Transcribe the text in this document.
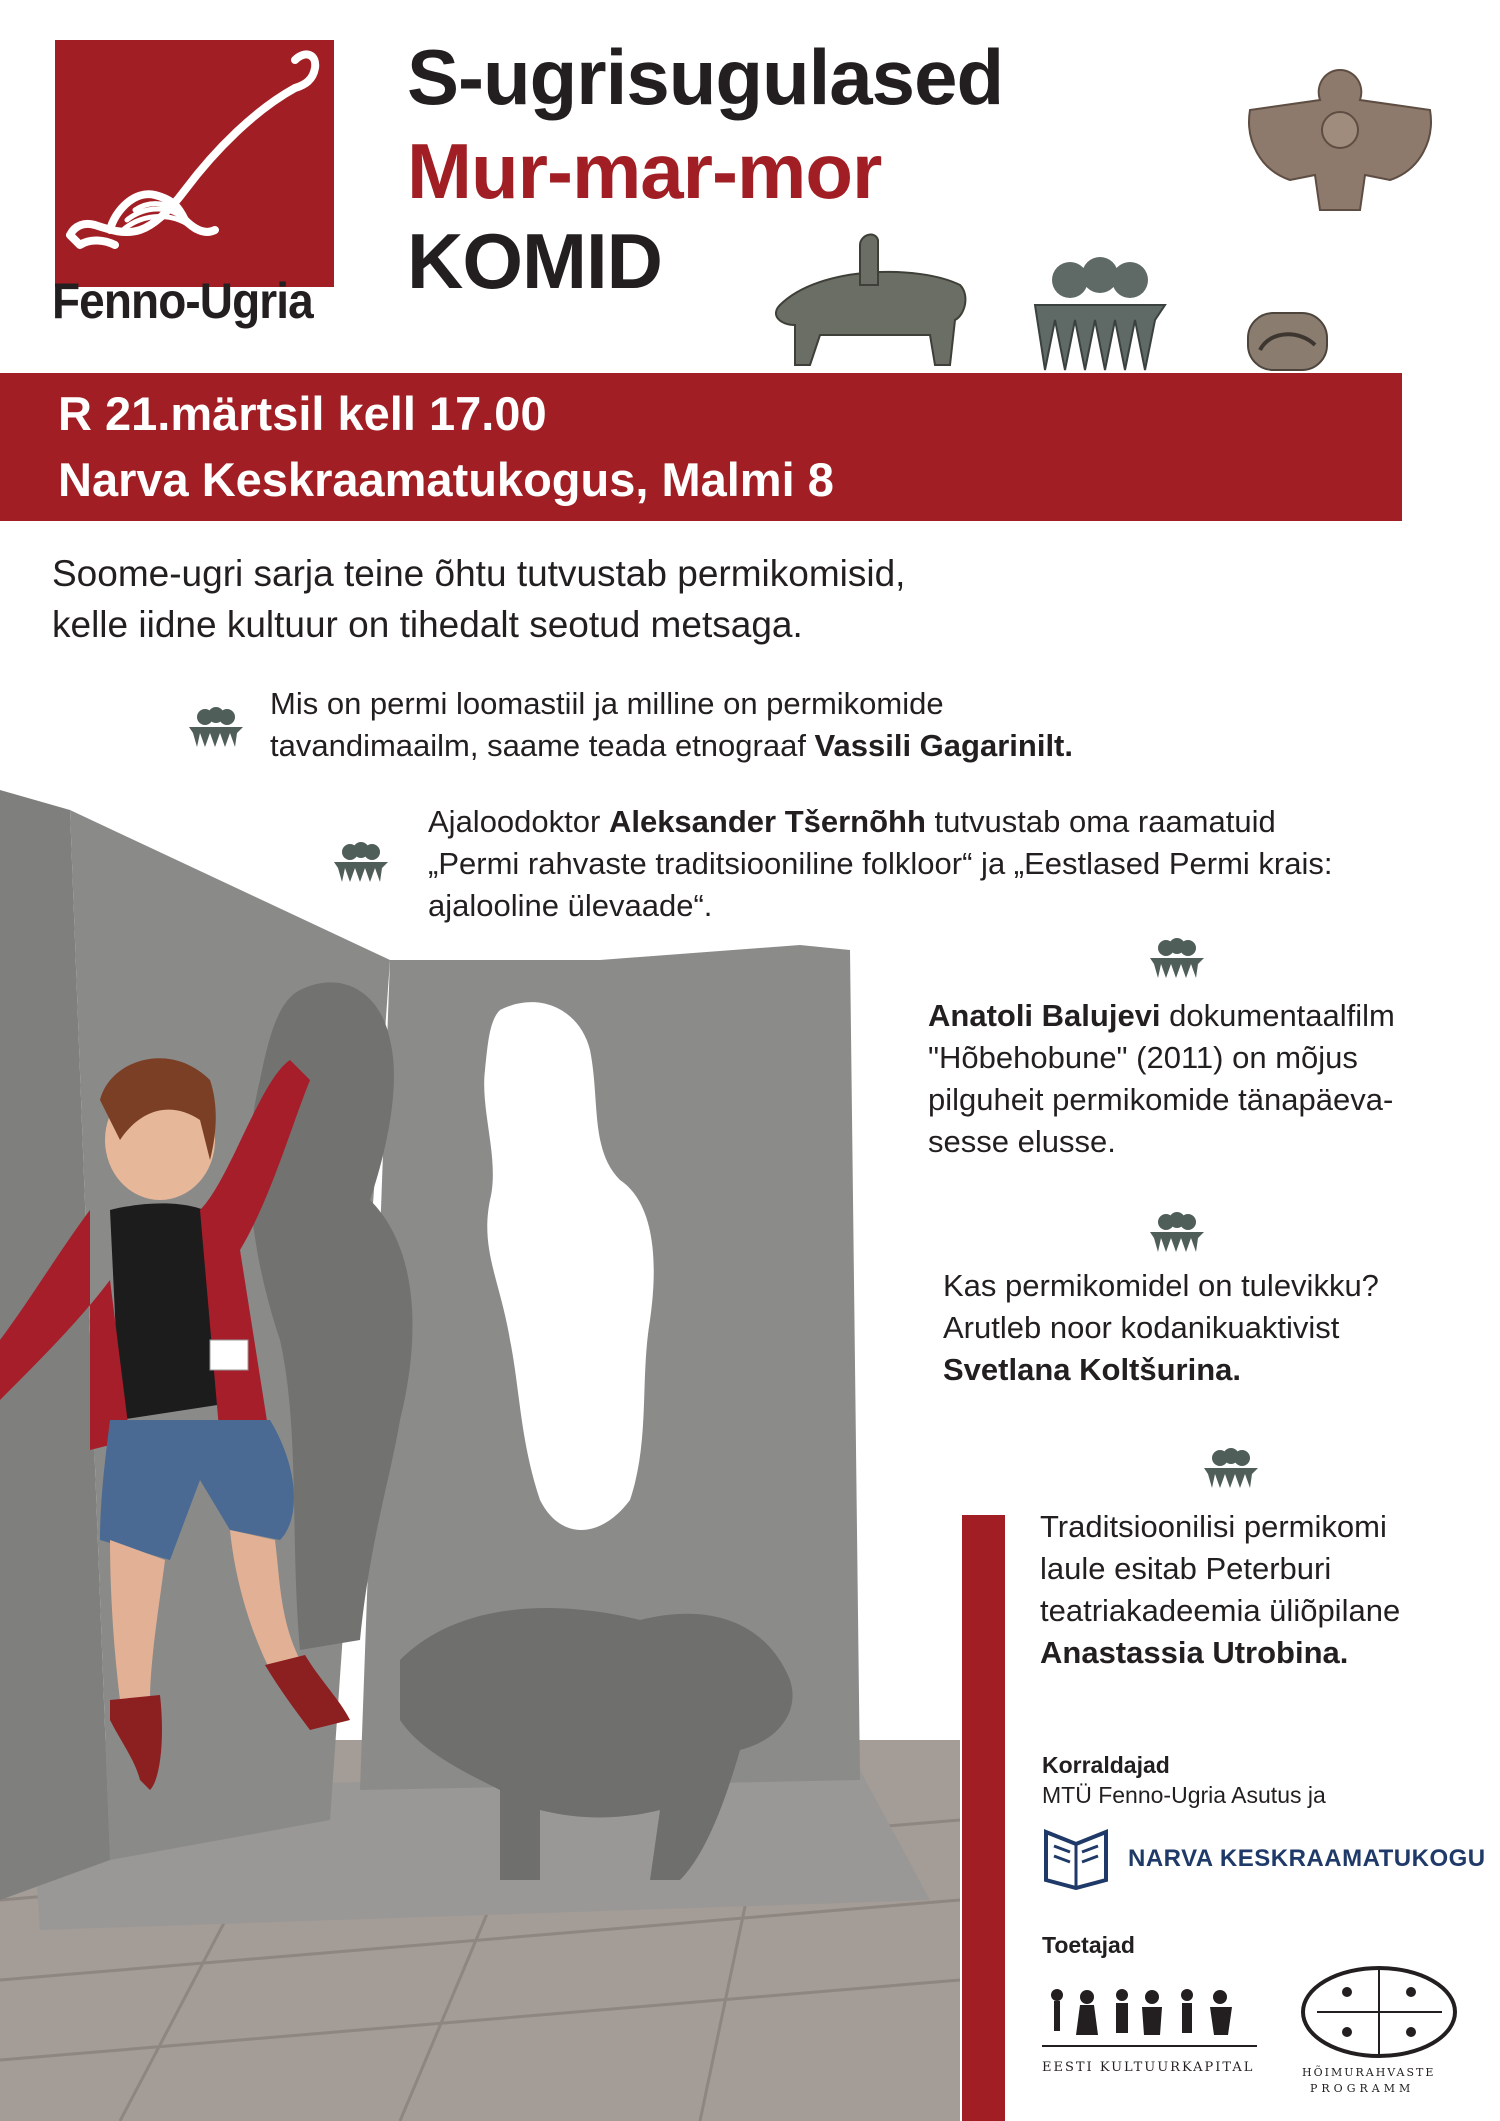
Fenno-Ugria
S-ugrisugulased
Mur-mar-mor
KOMID
R 21.märtsil kell 17.00
Narva Keskraamatukogus, Malmi 8
Soome-ugri sarja teine õhtu tutvustab permikomisid,
kelle iidne kultuur on tihedalt seotud metsaga.
Mis on permi loomastiil ja milline on permikomide
tavandimaailm, saame teada etnograaf Vassili Gagarinilt.
Ajaloodoktor Aleksander Tšernõhh tutvustab oma raamatuid
„Permi rahvaste traditsiooniline folkloor“ ja „Eestlased Permi krais:
ajalooline ülevaade“.
Anatoli Balujevi dokumentaalfilm
"Hõbehobune" (2011) on mõjus
pilguheit permikomide tänapäeva-
sesse elusse.
Kas permikomidel on tulevikku?
Arutleb noor kodanikuaktivist
Svetlana Koltšurina.
Traditsioonilisi permikomi
laule esitab Peterburi
teatriakadeemia üliõpilane
Anastassia Utrobina.
Korraldajad
MTÜ Fenno-Ugria Asutus ja
NARVA KESKRAAMATUKOGU
Toetajad
EESTI KULTUURKAPITAL	HÕIMURAHVASTE
PROGRAMM
